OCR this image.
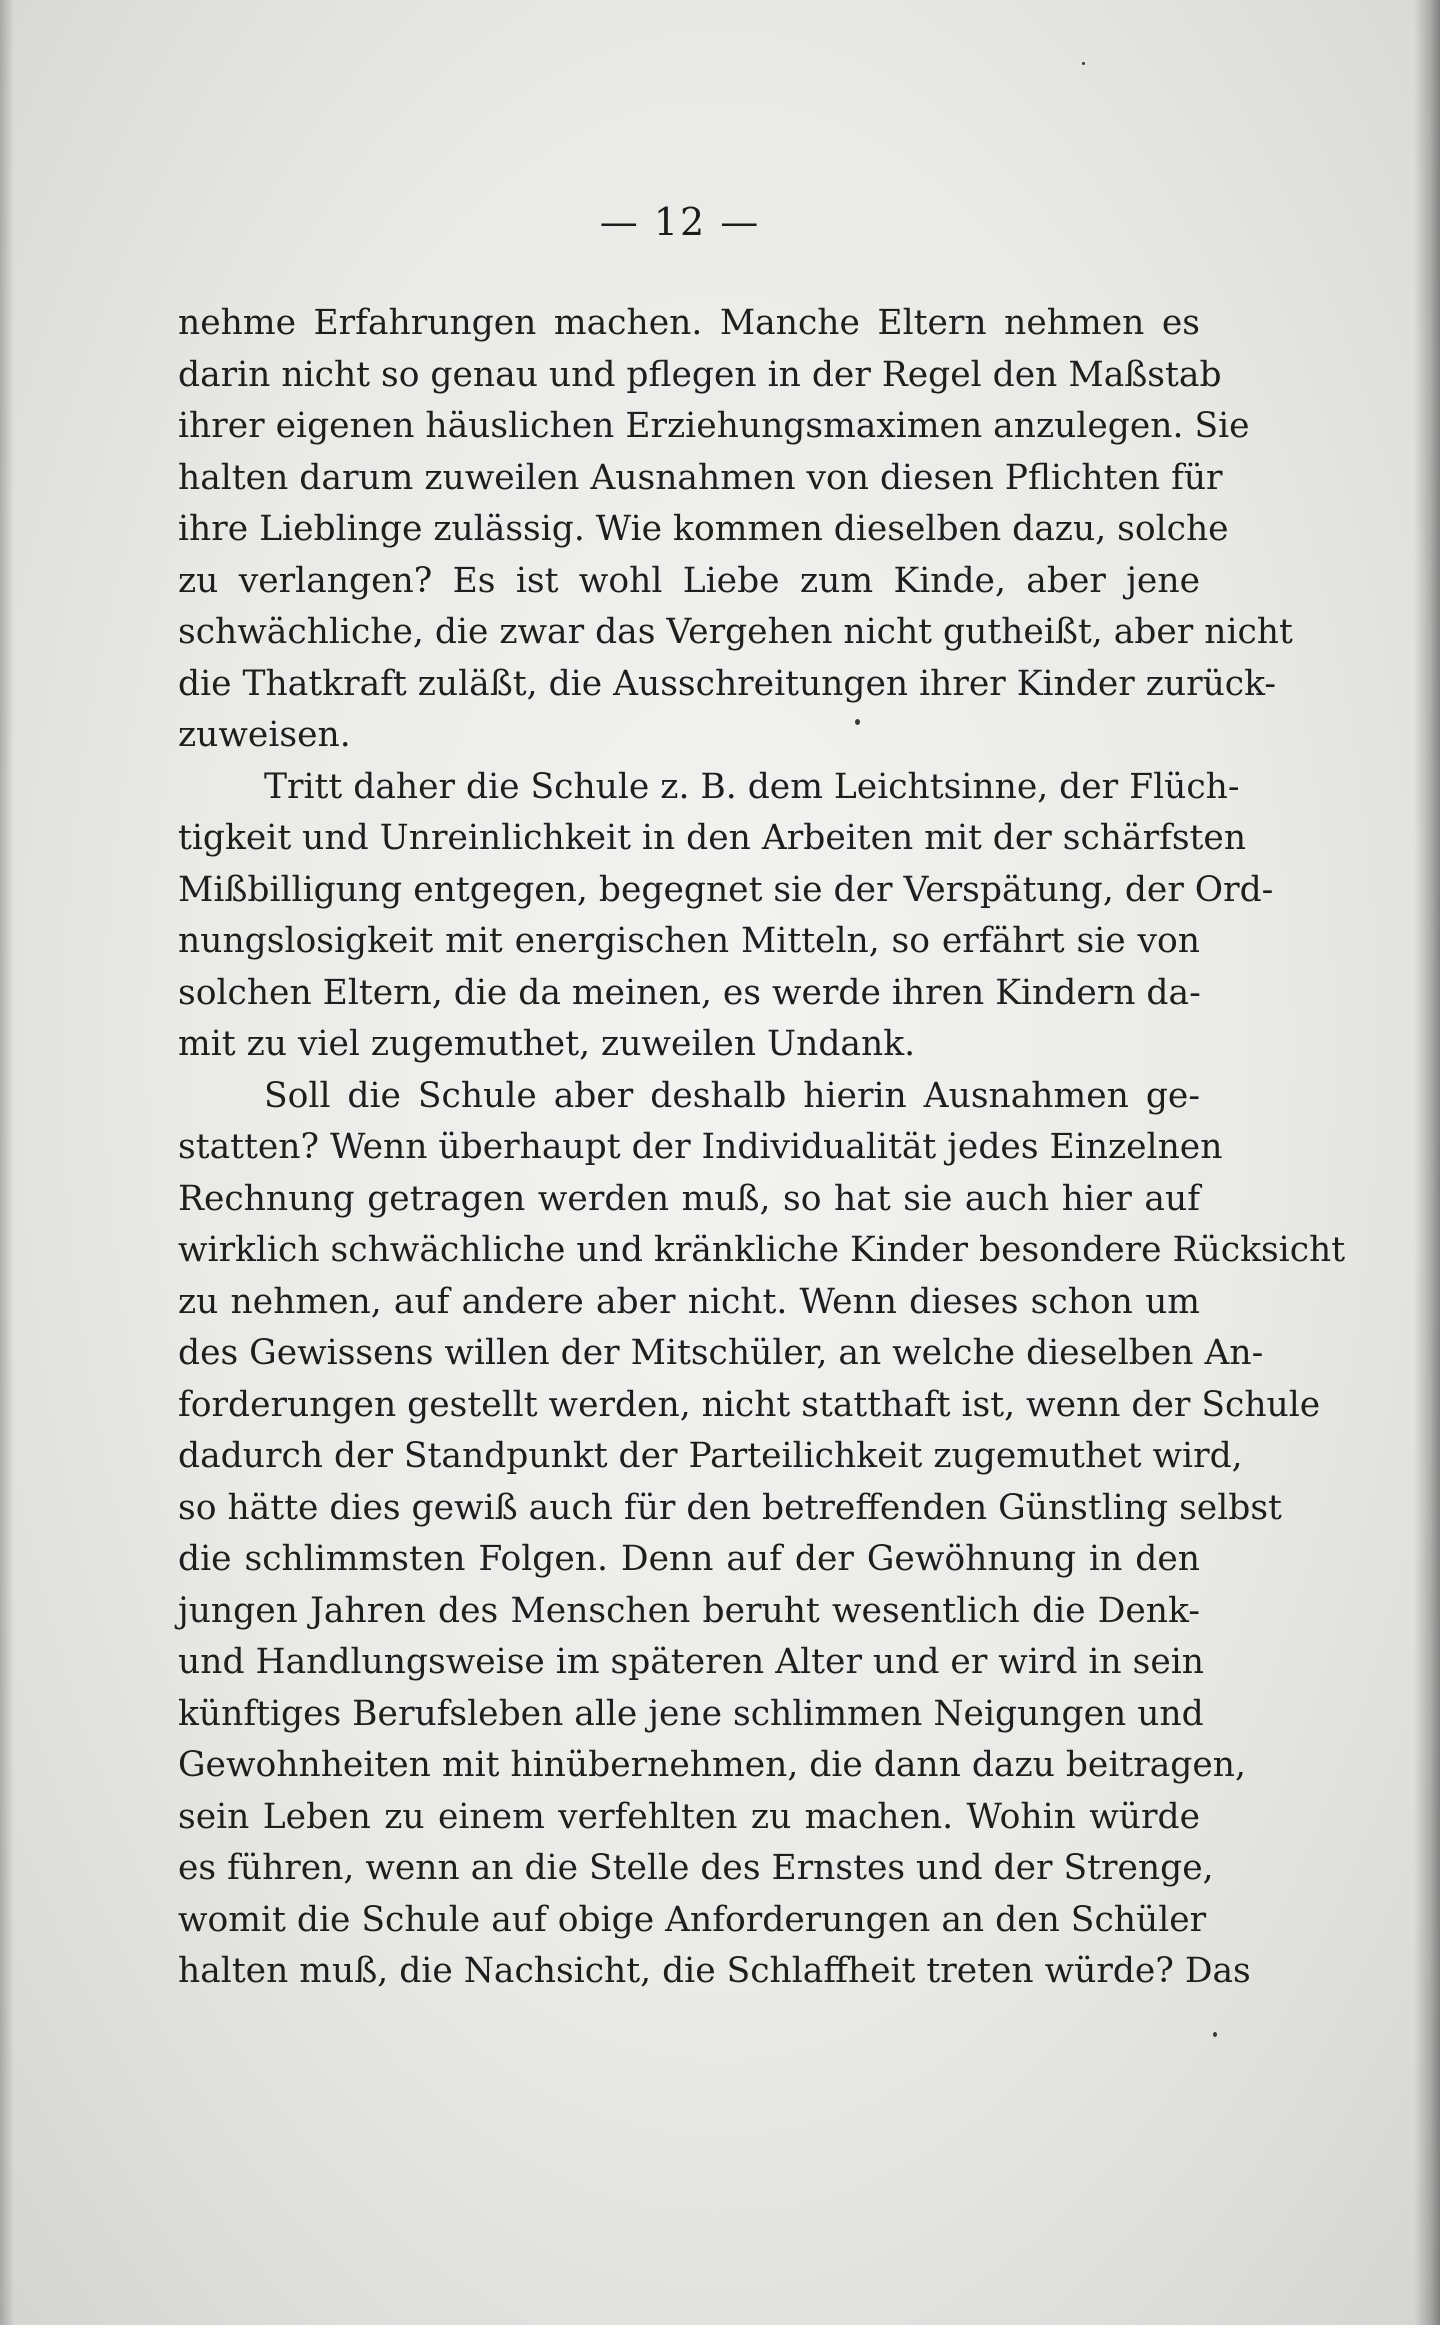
— 12 —
nehme Erfahrungen machen. Manche Eltern nehmen es
darin nicht so genau und pflegen in der Regel den Maßstab
ihrer eigenen häuslichen Erziehungsmaximen anzulegen. Sie
halten darum zuweilen Ausnahmen von diesen Pflichten für
ihre Lieblinge zulässig. Wie kommen dieselben dazu, solche
zu verlangen? Es ist wohl Liebe zum Kinde, aber jene
schwächliche, die zwar das Vergehen nicht gutheißt, aber nicht
die Thatkraft zuläßt, die Ausschreitungen ihrer Kinder zurück-
zuweisen.
Tritt daher die Schule z. B. dem Leichtsinne, der Flüch-
tigkeit und Unreinlichkeit in den Arbeiten mit der schärfsten
Mißbilligung entgegen, begegnet sie der Verspätung, der Ord-
nungslosigkeit mit energischen Mitteln, so erfährt sie von
solchen Eltern, die da meinen, es werde ihren Kindern da-
mit zu viel zugemuthet, zuweilen Undank.
Soll die Schule aber deshalb hierin Ausnahmen ge-
statten? Wenn überhaupt der Individualität jedes Einzelnen
Rechnung getragen werden muß, so hat sie auch hier auf
wirklich schwächliche und kränkliche Kinder besondere Rücksicht
zu nehmen, auf andere aber nicht. Wenn dieses schon um
des Gewissens willen der Mitschüler, an welche dieselben An-
forderungen gestellt werden, nicht statthaft ist, wenn der Schule
dadurch der Standpunkt der Parteilichkeit zugemuthet wird,
so hätte dies gewiß auch für den betreffenden Günstling selbst
die schlimmsten Folgen. Denn auf der Gewöhnung in den
jungen Jahren des Menschen beruht wesentlich die Denk-
und Handlungsweise im späteren Alter und er wird in sein
künftiges Berufsleben alle jene schlimmen Neigungen und
Gewohnheiten mit hinübernehmen, die dann dazu beitragen,
sein Leben zu einem verfehlten zu machen. Wohin würde
es führen, wenn an die Stelle des Ernstes und der Strenge,
womit die Schule auf obige Anforderungen an den Schüler
halten muß, die Nachsicht, die Schlaffheit treten würde? Das
